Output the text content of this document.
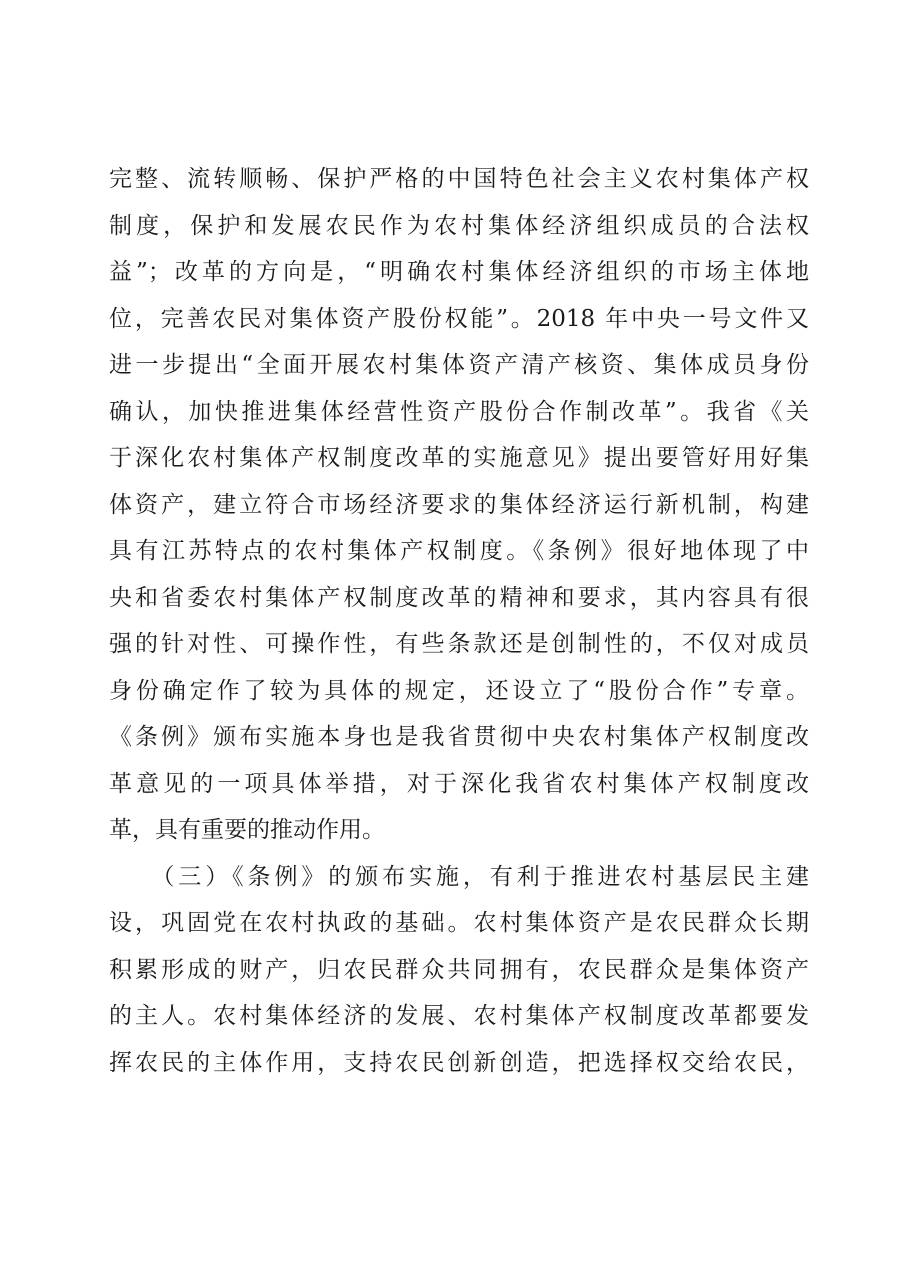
完整、流转顺畅、保护严格的中国特色社会主义农村集体产权
制度，保护和发展农民作为农村集体经济组织成员的合法权
益”；改革的方向是，“明确农村集体经济组织的市场主体地
位，完善农民对集体资产股份权能”。2018 年中央一号文件又
进一步提出“全面开展农村集体资产清产核资、集体成员身份
确认，加快推进集体经营性资产股份合作制改革”。我省《关
于深化农村集体产权制度改革的实施意见》提出要管好用好集
体资产，建立符合市场经济要求的集体经济运行新机制，构建
具有江苏特点的农村集体产权制度。《条例》很好地体现了中
央和省委农村集体产权制度改革的精神和要求，其内容具有很
强的针对性、可操作性，有些条款还是创制性的，不仅对成员
身份确定作了较为具体的规定，还设立了“股份合作”专章。
《条例》颁布实施本身也是我省贯彻中央农村集体产权制度改
革意见的一项具体举措，对于深化我省农村集体产权制度改
革，具有重要的推动作用。
　　（三）《条例》的颁布实施，有利于推进农村基层民主建
设，巩固党在农村执政的基础。农村集体资产是农民群众长期
积累形成的财产，归农民群众共同拥有，农民群众是集体资产
的主人。农村集体经济的发展、农村集体产权制度改革都要发
挥农民的主体作用，支持农民创新创造，把选择权交给农民，
